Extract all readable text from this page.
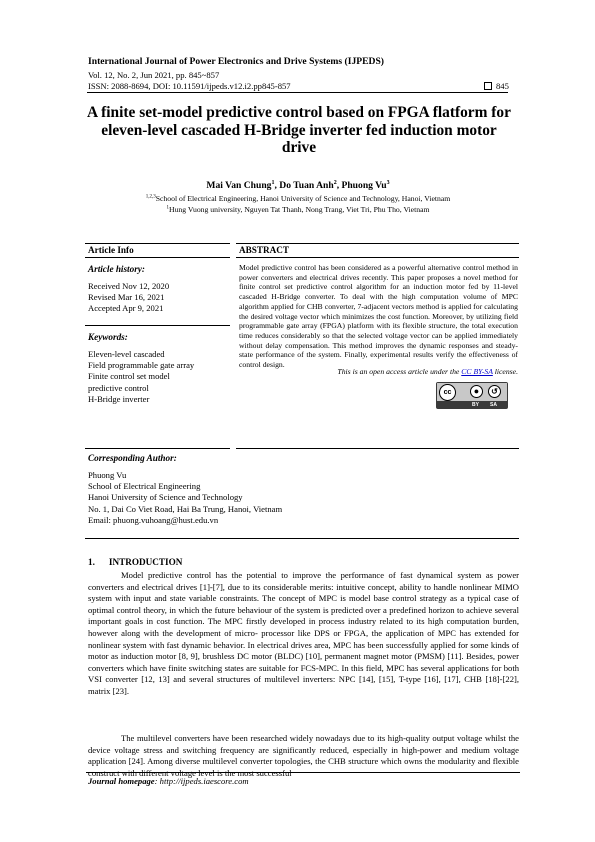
International Journal of Power Electronics and Drive Systems (IJPEDS)
Vol. 12, No. 2, Jun 2021, pp. 845~857
ISSN: 2088-8694, DOI: 10.11591/ijpeds.v12.i2.pp845-857	845
A finite set-model predictive control based on FPGA flatform for eleven-level cascaded H-Bridge inverter fed induction motor drive
Mai Van Chung$^1$, Do Tuan Anh$^2$, Phuong Vu$^3$
$^{1,2,3}$School of Electrical Engineering, Hanoi University of Science and Technology, Hanoi, Vietnam
$^1$Hung Vuong university, Nguyen Tat Thanh, Nong Trang, Viet Tri, Phu Tho, Vietnam
Article Info	ABSTRACT
Article history:
Received Nov 12, 2020
Revised Mar 16, 2021
Accepted Apr 9, 2021
Keywords:
Eleven-level cascaded
Field programmable gate array
Finite control set model
predictive control
H-Bridge inverter
Model predictive control has been considered as a powerful alternative control method in power converters and electrical drives recently. This paper proposes a novel method for finite control set predictive control algorithm for an induction motor fed by 11-level cascaded H-Bridge converter. To deal with the high computation volume of MPC algorithm applied for CHB converter, 7-adjacent vectors method is applied for calculating the desired voltage vector which minimizes the cost function. Moreover, by utilizing field programmable gate array (FPGA) platform with its flexible structure, the total execution time reduces considerably so that the selected voltage vector can be applied immediately without delay compensation. This method improves the dynamic responses and steady- state performance of the system. Finally, experimental results verify the effectiveness of control design.
This is an open access article under the CC BY-SA license.
cc	●	↺
BY SA
Corresponding Author:
Phuong Vu
School of Electrical Engineering
Hanoi University of Science and Technology
No. 1, Dai Co Viet Road, Hai Ba Trung, Hanoi, Vietnam
Email: phuong.vuhoang@hust.edu.vn
1. INTRODUCTION
Model predictive control has the potential to improve the performance of fast dynamical system as power converters and electrical drives [1]-[7], due to its considerable merits: intuitive concept, ability to handle nonlinear MIMO system with input and state variable constraints. The concept of MPC is model base control strategy as a typical case of optimal control theory, in which the future behaviour of the system is predicted over a predefined horizon to achieve several important goals in cost function. The MPC firstly developed in process industry related to its high computation burden, however along with the development of micro- processor like DPS or FPGA, the application of MPC has extended for nonlinear system with fast dynamic behavior. In electrical drives area, MPC has been successfully applied for some kinds of motor as induction motor [8, 9], brushless DC motor (BLDC) [10], permanent magnet motor (PMSM) [11]. Besides, power converters which have finite switching states are suitable for FCS-MPC. In this field, MPC has several applications for both VSI converter [12, 13] and several structures of multilevel inverters: NPC [14], [15], T-type [16], [17], CHB [18]-[22], matrix [23].
The multilevel converters have been researched widely nowadays due to its high-quality output voltage whilst the device voltage stress and switching frequency are significantly reduced, especially in high-power and medium voltage application [24]. Among diverse multilevel converter topologies, the CHB structure which owns the modularity and flexible construct with different voltage level is the most successful
Journal homepage: http://ijpeds.iaescore.com
